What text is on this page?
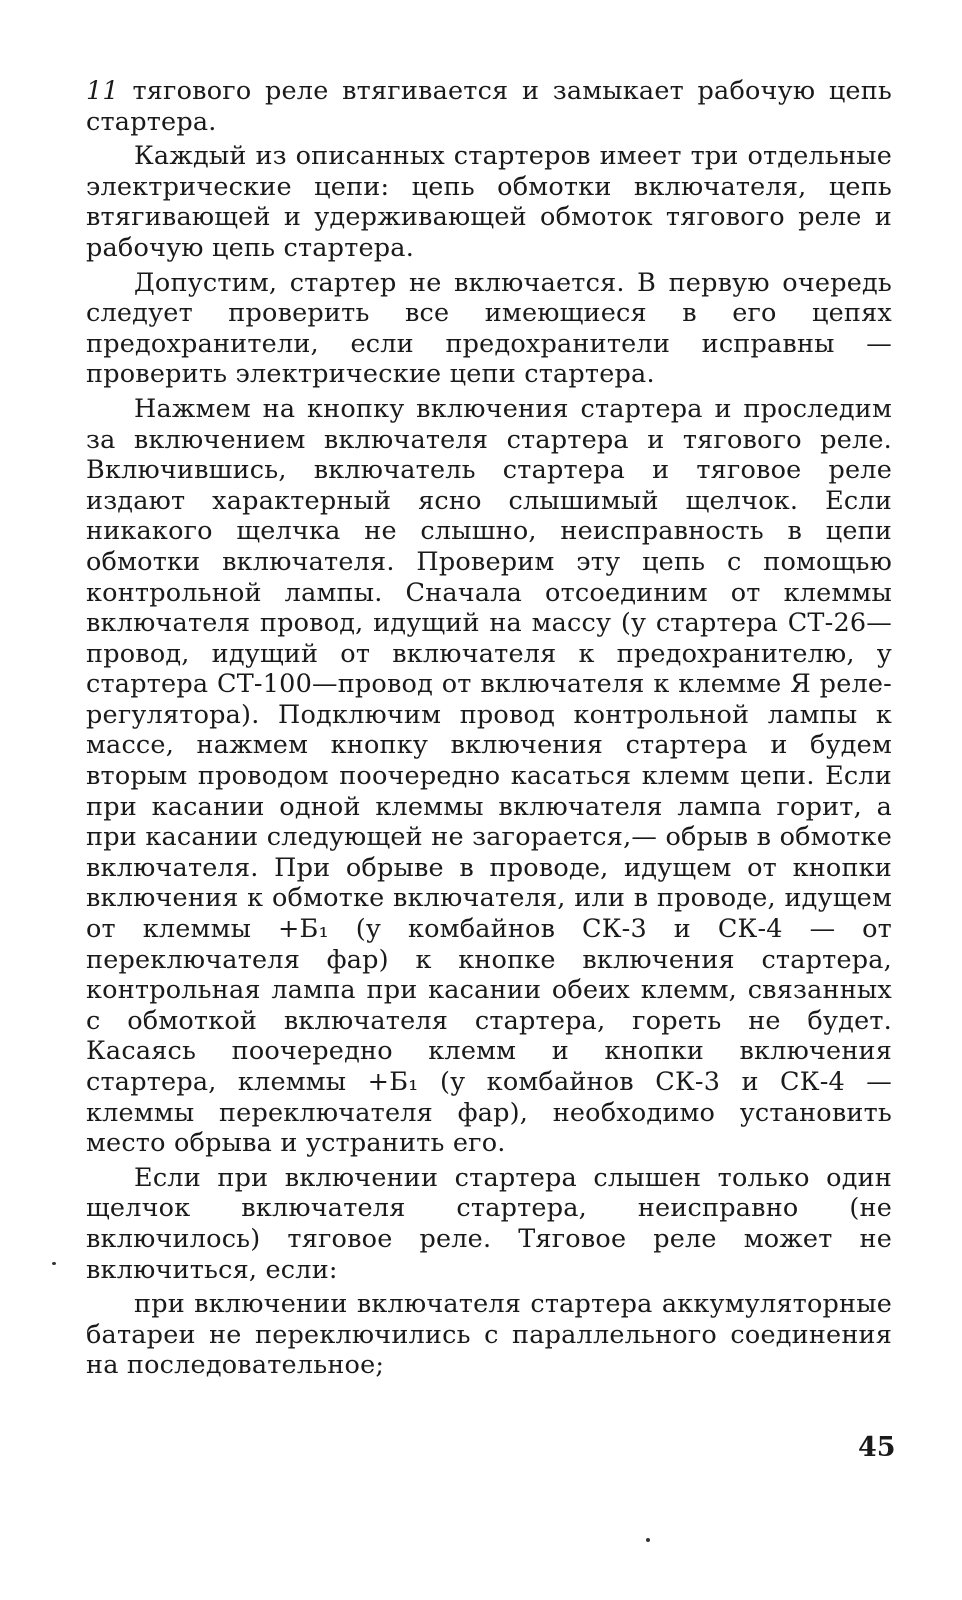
11 тягового реле втягивается и замыкает рабочую цепь стартера.

Каждый из описанных стартеров имеет три отдельные электрические цепи: цепь обмотки включателя, цепь втягивающей и удерживающей обмоток тягового реле и рабочую цепь стартера.

Допустим, стартер не включается. В первую очередь следует проверить все имеющиеся в его цепях предохранители, если предохранители исправны — проверить электрические цепи стартера.

Нажмем на кнопку включения стартера и проследим за включением включателя стартера и тягового реле. Включившись, включатель стартера и тяговое реле издают характерный ясно слышимый щелчок. Если никакого щелчка не слышно, неисправность в цепи обмотки включателя. Проверим эту цепь с помощью контрольной лампы. Сначала отсоединим от клеммы включателя провод, идущий на массу (у стартера СТ-26—провод, идущий от включателя к предохранителю, у стартера СТ-100—провод от включателя к клемме Я реле-регулятора). Подключим провод контрольной лампы к массе, нажмем кнопку включения стартера и будем вторым проводом поочередно касаться клемм цепи. Если при касании одной клеммы включателя лампа горит, а при касании следующей не загорается,— обрыв в обмотке включателя. При обрыве в проводе, идущем от кнопки включения к обмотке включателя, или в проводе, идущем от клеммы +Б₁ (у комбайнов СК-3 и СК-4 — от переключателя фар) к кнопке включения стартера, контрольная лампа при касании обеих клемм, связанных с обмоткой включателя стартера, гореть не будет. Касаясь поочередно клемм и кнопки включения стартера, клеммы +Б₁ (у комбайнов СК-3 и СК-4 — клеммы переключателя фар), необходимо установить место обрыва и устранить его.

Если при включении стартера слышен только один щелчок включателя стартера, неисправно (не включилось) тяговое реле. Тяговое реле может не включиться, если:

при включении включателя стартера аккумуляторные батареи не переключились с параллельного соединения на последовательное;

45
